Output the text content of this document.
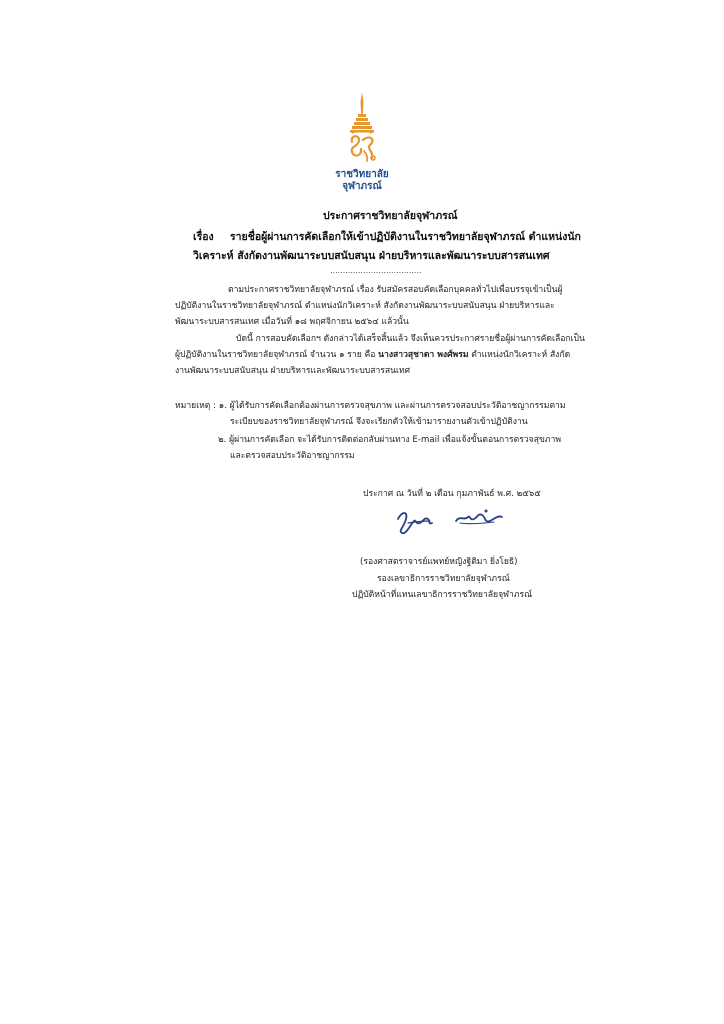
ราชวิทยาลัย
จุฬาภรณ์
ประกาศราชวิทยาลัยจุฬาภรณ์
เรื่อง รายชื่อผู้ผ่านการคัดเลือกให้เข้าปฏิบัติงานในราชวิทยาลัยจุฬาภรณ์ ตำแหน่งนัก
วิเคราะห์ สังกัดงานพัฒนาระบบสนับสนุน ฝ่ายบริหารและพัฒนาระบบสารสนเทศ
....................................
ตามประกาศราชวิทยาลัยจุฬาภรณ์ เรื่อง รับสมัครสอบคัดเลือกบุคคลทั่วไปเพื่อบรรจุเข้าเป็นผู้
ปฏิบัติงานในราชวิทยาลัยจุฬาภรณ์ ตำแหน่งนักวิเคราะห์ สังกัดงานพัฒนาระบบสนับสนุน ฝ่ายบริหารและ
พัฒนาระบบสารสนเทศ เมื่อวันที่ ๑๘ พฤศจิกายน ๒๕๖๔ แล้วนั้น
บัดนี้ การสอบคัดเลือกฯ ดังกล่าวได้เสร็จสิ้นแล้ว จึงเห็นควรประกาศรายชื่อผู้ผ่านการคัดเลือกเป็น
ผู้ปฏิบัติงานในราชวิทยาลัยจุฬาภรณ์ จำนวน ๑ ราย คือ นางสาวสุชาดา พงศ์พรม ตำแหน่งนักวิเคราะห์ สังกัด
งานพัฒนาระบบสนับสนุน ฝ่ายบริหารและพัฒนาระบบสารสนเทศ
หมายเหตุ : ๑. ผู้ได้รับการคัดเลือกต้องผ่านการตรวจสุขภาพ และผ่านการตรวจสอบประวัติอาชญากรรมตาม
ระเบียบของราชวิทยาลัยจุฬาภรณ์ จึงจะเรียกตัวให้เข้ามารายงานตัวเข้าปฏิบัติงาน
๒. ผู้ผ่านการคัดเลือก จะได้รับการติดต่อกลับผ่านทาง E-mail เพื่อแจ้งขั้นตอนการตรวจสุขภาพ
และตรวจสอบประวัติอาชญากรรม
ประกาศ ณ วันที่ ๒ เดือน กุมภาพันธ์ พ.ศ. ๒๕๖๕
(รองศาสตราจารย์แพทย์หญิงฐิติมา ยิ่งโยธิ)
รองเลขาธิการราชวิทยาลัยจุฬาภรณ์
ปฏิบัติหน้าที่แทนเลขาธิการราชวิทยาลัยจุฬาภรณ์
